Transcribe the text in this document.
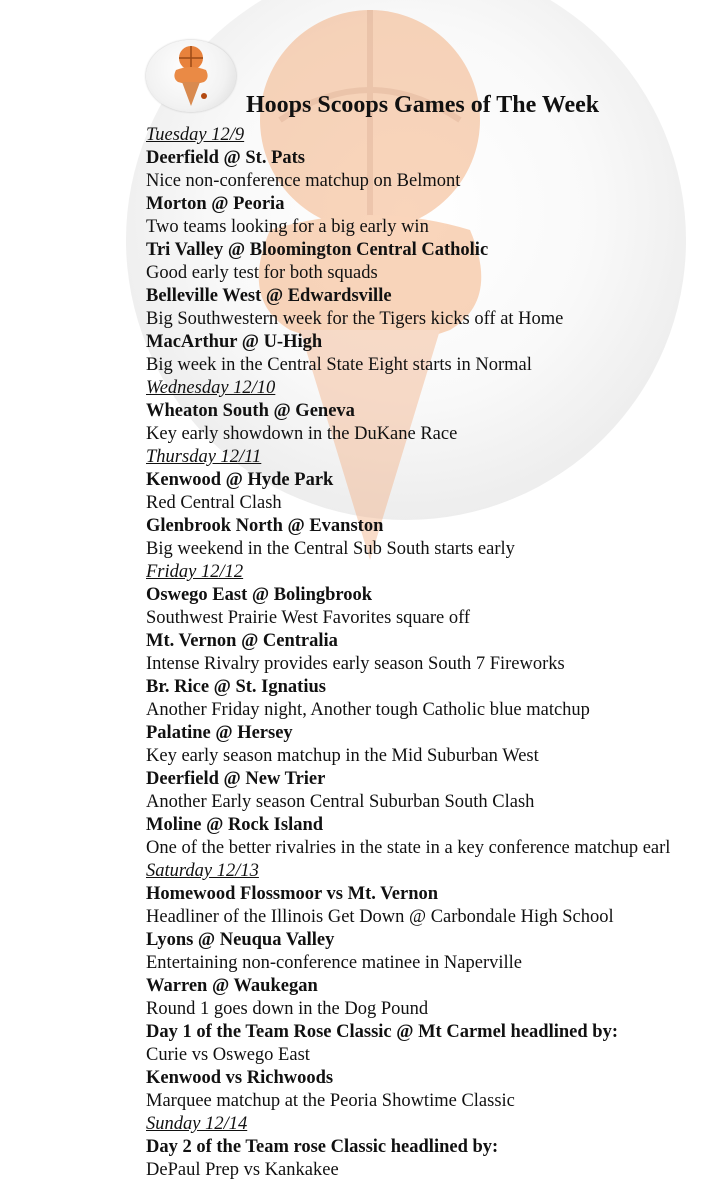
Hoops Scoops Games of The Week
Tuesday 12/9
Deerfield @ St. Pats
Nice non-conference matchup on Belmont
Morton @ Peoria
Two teams looking for a big early win
Tri Valley @ Bloomington Central Catholic
Good early test for both squads
Belleville West @ Edwardsville
Big Southwestern week for the Tigers kicks off at Home
MacArthur @ U-High
Big week in the Central State Eight starts in Normal
Wednesday 12/10
Wheaton South @ Geneva
Key early showdown in the DuKane Race
Thursday 12/11
Kenwood @ Hyde Park
Red Central Clash
Glenbrook North @ Evanston
Big weekend in the Central Sub South starts early
Friday 12/12
Oswego East @ Bolingbrook
Southwest Prairie West Favorites square off
Mt. Vernon @ Centralia
Intense Rivalry provides early season South 7 Fireworks
Br. Rice @ St. Ignatius
Another Friday night, Another tough Catholic blue matchup
Palatine @ Hersey
Key early season matchup in the Mid Suburban West
Deerfield @ New Trier
Another Early season Central Suburban South Clash
Moline @ Rock Island
One of the better rivalries in the state in a key conference matchup earl
Saturday 12/13
Homewood Flossmoor vs Mt. Vernon
Headliner of the Illinois Get Down @ Carbondale High School
Lyons @ Neuqua Valley
Entertaining non-conference matinee in Naperville
Warren @ Waukegan
Round 1 goes down in the Dog Pound
Day 1 of the Team Rose Classic @ Mt Carmel headlined by:
Curie vs Oswego East
Kenwood vs Richwoods
Marquee matchup at the Peoria Showtime Classic
Sunday 12/14
Day 2 of the Team rose Classic headlined by:
DePaul Prep vs Kankakee
